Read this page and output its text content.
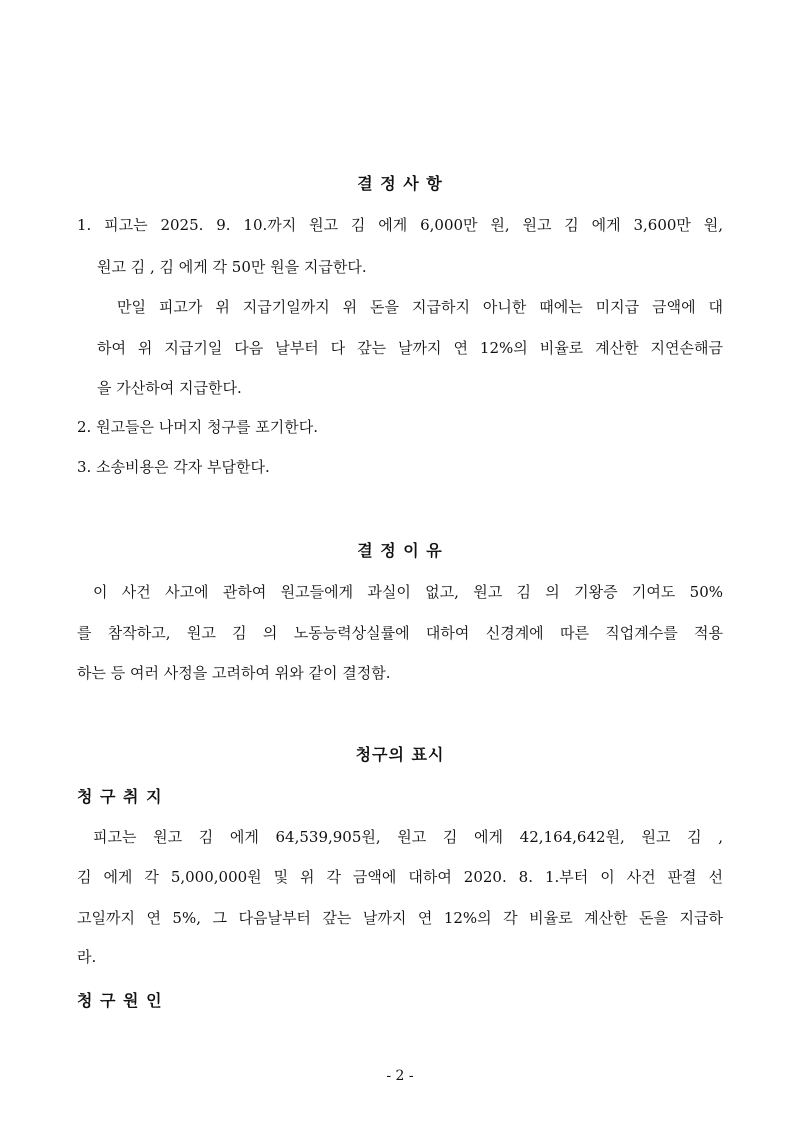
결 정 사 항
1. 피고는 2025. 9. 10.까지 원고 김 에게 6,000만 원, 원고 김 에게 3,600만 원,
원고 김 , 김 에게 각 50만 원을 지급한다.
만일 피고가 위 지급기일까지 위 돈을 지급하지 아니한 때에는 미지급 금액에 대
하여 위 지급기일 다음 날부터 다 갚는 날까지 연 12%의 비율로 계산한 지연손해금
을 가산하여 지급한다.
2. 원고들은 나머지 청구를 포기한다.
3. 소송비용은 각자 부담한다.
결 정 이 유
이 사건 사고에 관하여 원고들에게 과실이 없고, 원고 김 의 기왕증 기여도 50%
를 참작하고, 원고 김 의 노동능력상실률에 대하여 신경계에 따른 직업계수를 적용
하는 등 여러 사정을 고려하여 위와 같이 결정함.
청구의 표시
청 구 취 지
피고는 원고 김 에게 64,539,905원, 원고 김 에게 42,164,642원, 원고 김 ,
김 에게 각 5,000,000원 및 위 각 금액에 대하여 2020. 8. 1.부터 이 사건 판결 선
고일까지 연 5%, 그 다음날부터 갚는 날까지 연 12%의 각 비율로 계산한 돈을 지급하
라.
청 구 원 인
- 2 -
